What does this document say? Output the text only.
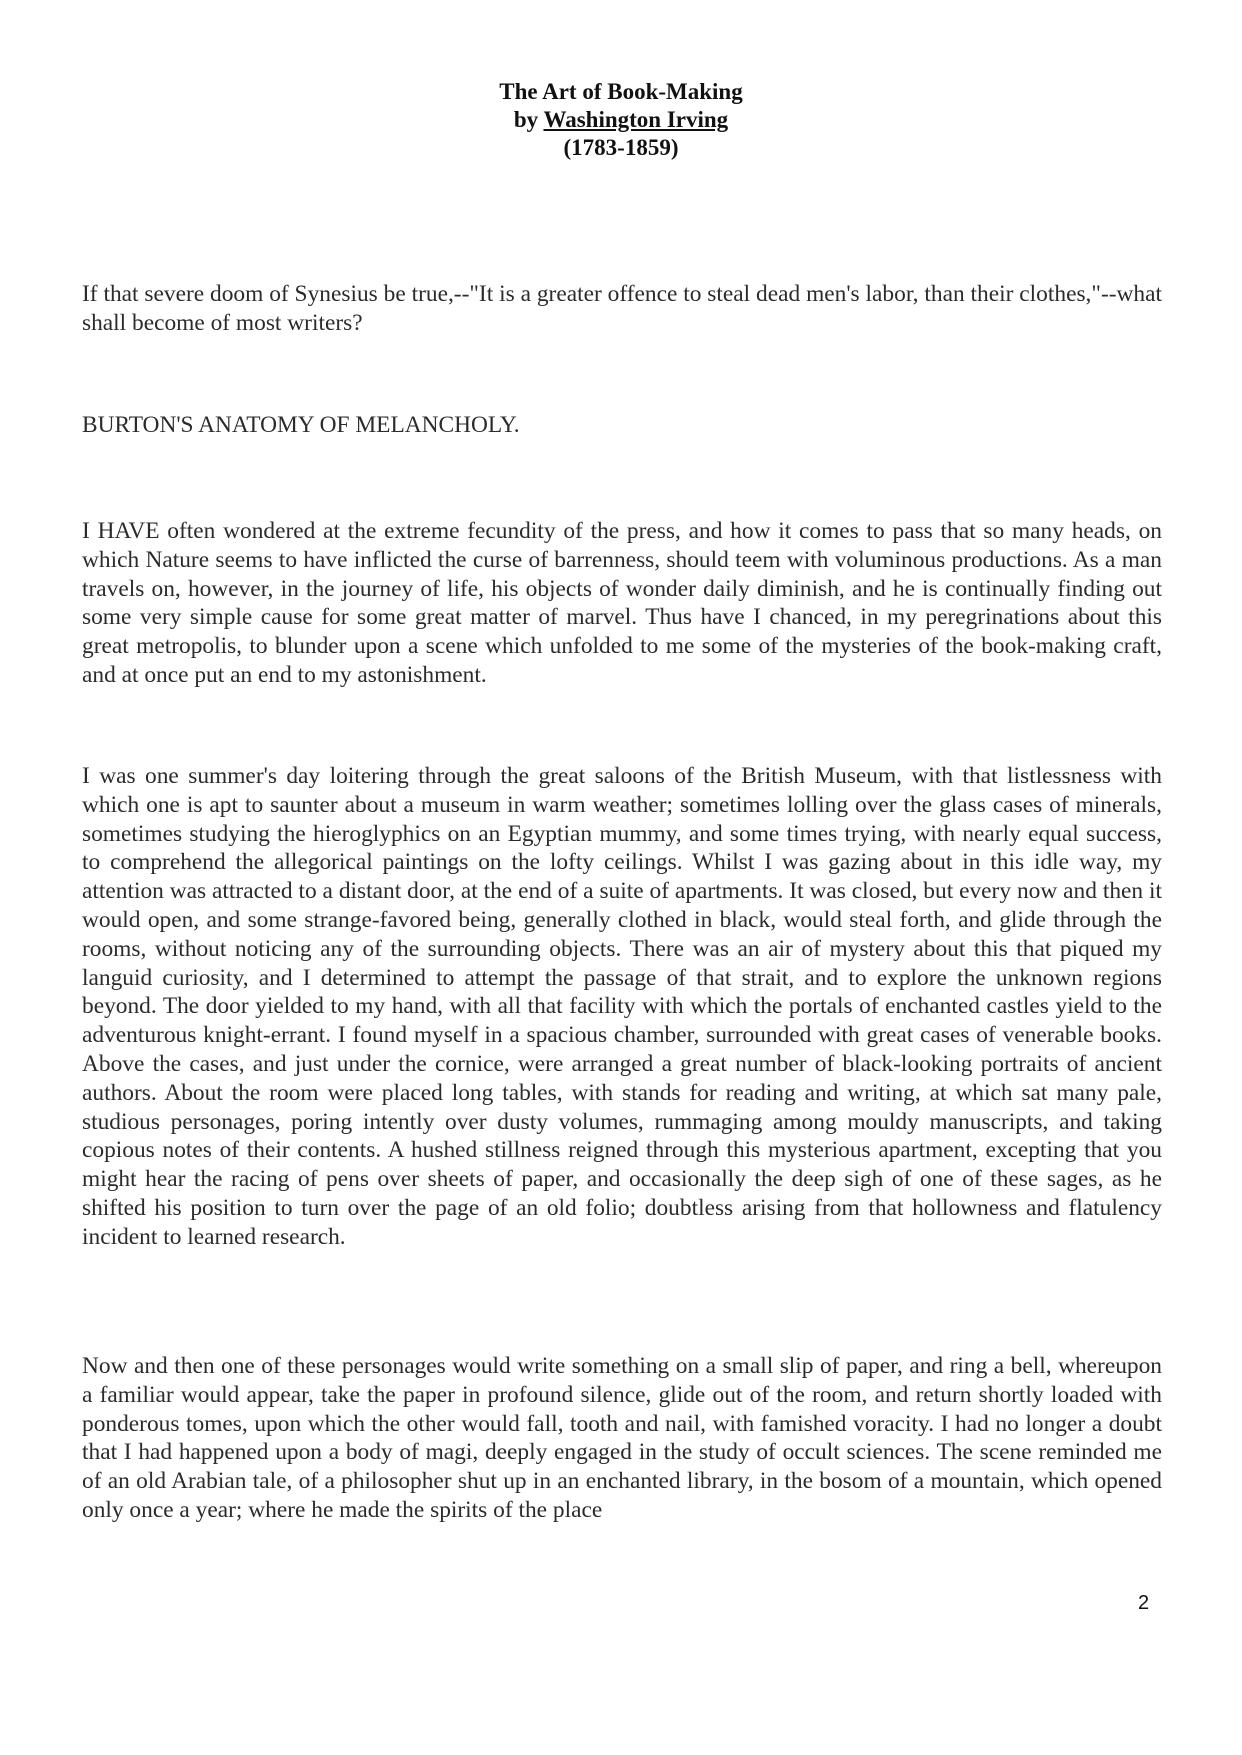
The Art of Book-Making
by Washington Irving
(1783-1859)

If that severe doom of Synesius be true,--"It is a greater offence to steal dead men's labor, than their clothes,"--what shall become of most writers?

BURTON'S ANATOMY OF MELANCHOLY.

I HAVE often wondered at the extreme fecundity of the press, and how it comes to pass that so many heads, on which Nature seems to have inflicted the curse of barrenness, should teem with voluminous productions. As a man travels on, however, in the journey of life, his objects of wonder daily diminish, and he is continually finding out some very simple cause for some great matter of marvel. Thus have I chanced, in my peregrinations about this great metropolis, to blunder upon a scene which unfolded to me some of the mysteries of the book-making craft, and at once put an end to my astonishment.

I was one summer's day loitering through the great saloons of the British Museum, with that listlessness with which one is apt to saunter about a museum in warm weather; sometimes lolling over the glass cases of minerals, sometimes studying the hieroglyphics on an Egyptian mummy, and some times trying, with nearly equal success, to comprehend the allegorical paintings on the lofty ceilings. Whilst I was gazing about in this idle way, my attention was attracted to a distant door, at the end of a suite of apartments. It was closed, but every now and then it would open, and some strange-favored being, generally clothed in black, would steal forth, and glide through the rooms, without noticing any of the surrounding objects. There was an air of mystery about this that piqued my languid curiosity, and I determined to attempt the passage of that strait, and to explore the unknown regions beyond. The door yielded to my hand, with all that facility with which the portals of enchanted castles yield to the adventurous knight-errant. I found myself in a spacious chamber, surrounded with great cases of venerable books. Above the cases, and just under the cornice, were arranged a great number of black-looking portraits of ancient authors. About the room were placed long tables, with stands for reading and writing, at which sat many pale, studious personages, poring intently over dusty volumes, rummaging among mouldy manuscripts, and taking copious notes of their contents. A hushed stillness reigned through this mysterious apartment, excepting that you might hear the racing of pens over sheets of paper, and occasionally the deep sigh of one of these sages, as he shifted his position to turn over the page of an old folio; doubtless arising from that hollowness and flatulency incident to learned research.

Now and then one of these personages would write something on a small slip of paper, and ring a bell, whereupon a familiar would appear, take the paper in profound silence, glide out of the room, and return shortly loaded with ponderous tomes, upon which the other would fall, tooth and nail, with famished voracity. I had no longer a doubt that I had happened upon a body of magi, deeply engaged in the study of occult sciences. The scene reminded me of an old Arabian tale, of a philosopher shut up in an enchanted library, in the bosom of a mountain, which opened only once a year; where he made the spirits of the place

2
